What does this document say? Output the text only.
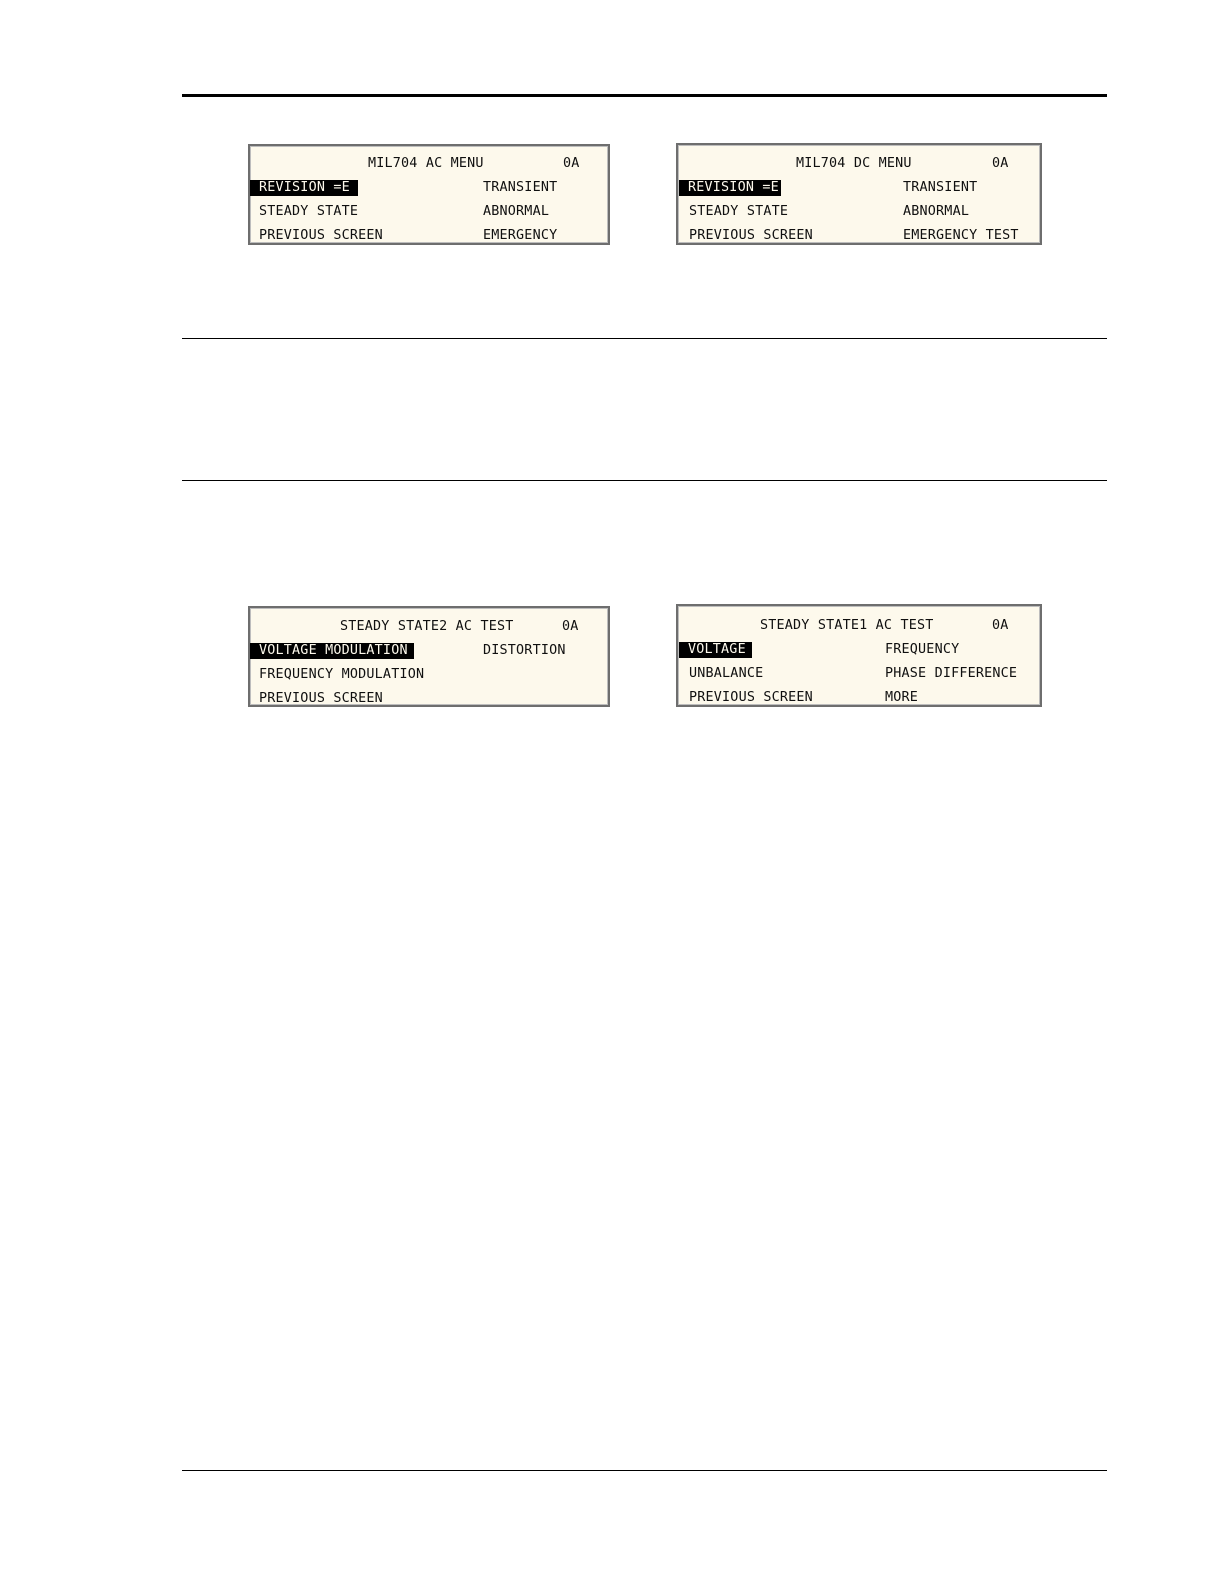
MIL704 AC MENU	0A
REVISION =E	TRANSIENT
STEADY STATE	ABNORMAL
PREVIOUS SCREEN	EMERGENCY
MIL704 DC MENU	0A
REVISION =E	TRANSIENT
STEADY STATE	ABNORMAL
PREVIOUS SCREEN	EMERGENCY TEST
STEADY STATE2 AC TEST	0A
VOLTAGE MODULATION	DISTORTION
FREQUENCY MODULATION
PREVIOUS SCREEN
STEADY STATE1 AC TEST	0A
VOLTAGE	FREQUENCY
UNBALANCE	PHASE DIFFERENCE
PREVIOUS SCREEN	MORE
